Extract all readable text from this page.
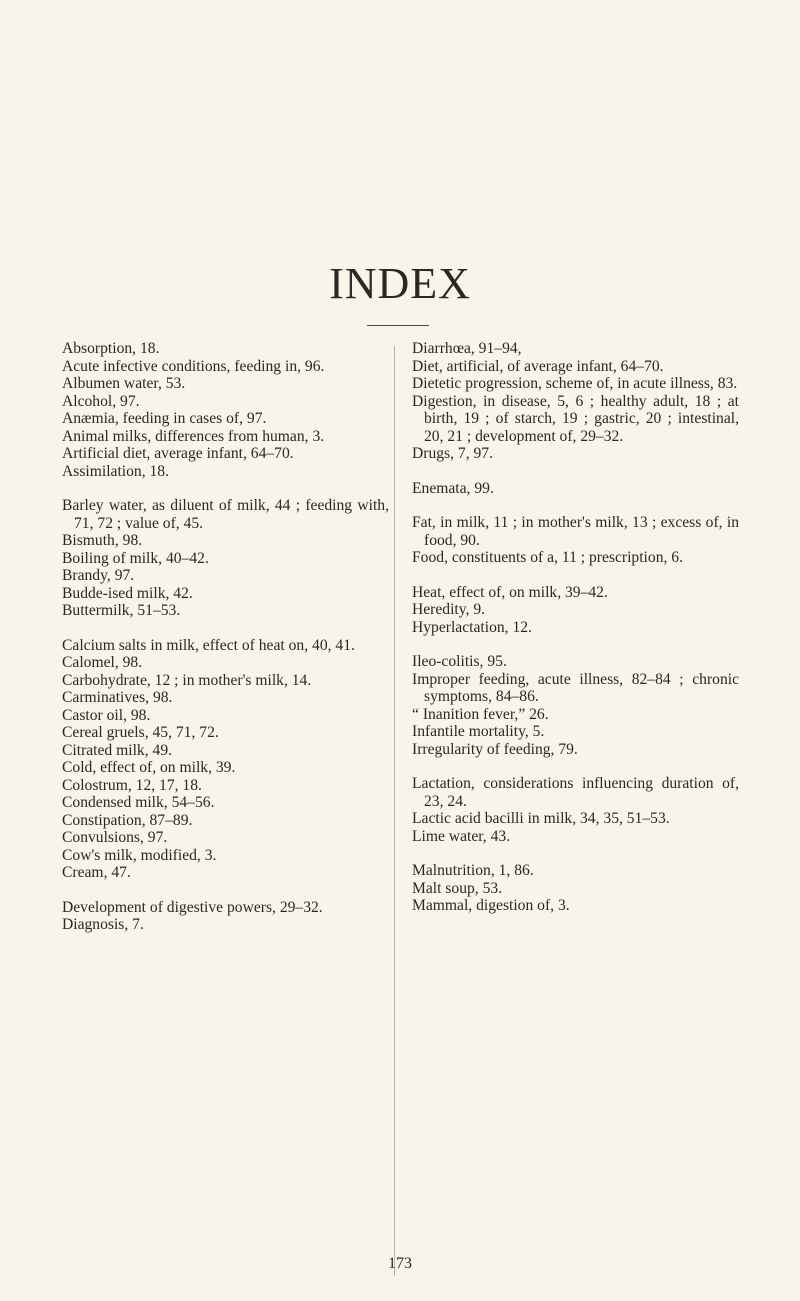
INDEX
Absorption, 18.
Acute infective conditions, feeding in, 96.
Albumen water, 53.
Alcohol, 97.
Anæmia, feeding in cases of, 97.
Animal milks, differences from human, 3.
Artificial diet, average infant, 64–70.
Assimilation, 18.
Barley water, as diluent of milk, 44 ; feeding with, 71, 72 ; value of, 45.
Bismuth, 98.
Boiling of milk, 40–42.
Brandy, 97.
Budde-ised milk, 42.
Buttermilk, 51–53.
Calcium salts in milk, effect of heat on, 40, 41.
Calomel, 98.
Carbohydrate, 12 ; in mother's milk, 14.
Carminatives, 98.
Castor oil, 98.
Cereal gruels, 45, 71, 72.
Citrated milk, 49.
Cold, effect of, on milk, 39.
Colostrum, 12, 17, 18.
Condensed milk, 54–56.
Constipation, 87–89.
Convulsions, 97.
Cow's milk, modified, 3.
Cream, 47.
Development of digestive powers, 29–32.
Diagnosis, 7.
Diarrhœa, 91–94,
Diet, artificial, of average infant, 64–70.
Dietetic progression, scheme of, in acute illness, 83.
Digestion, in disease, 5, 6 ; healthy adult, 18 ; at birth, 19 ; of starch, 19 ; gastric, 20 ; intestinal, 20, 21 ; development of, 29–32.
Drugs, 7, 97.
Enemata, 99.
Fat, in milk, 11 ; in mother's milk, 13 ; excess of, in food, 90.
Food, constituents of a, 11 ; prescription, 6.
Heat, effect of, on milk, 39–42.
Heredity, 9.
Hyperlactation, 12.
Ileo-colitis, 95.
Improper feeding, acute illness, 82–84 ; chronic symptoms, 84–86.
“ Inanition fever,” 26.
Infantile mortality, 5.
Irregularity of feeding, 79.
Lactation, considerations influencing duration of, 23, 24.
Lactic acid bacilli in milk, 34, 35, 51–53.
Lime water, 43.
Malnutrition, 1, 86.
Malt soup, 53.
Mammal, digestion of, 3.
173
